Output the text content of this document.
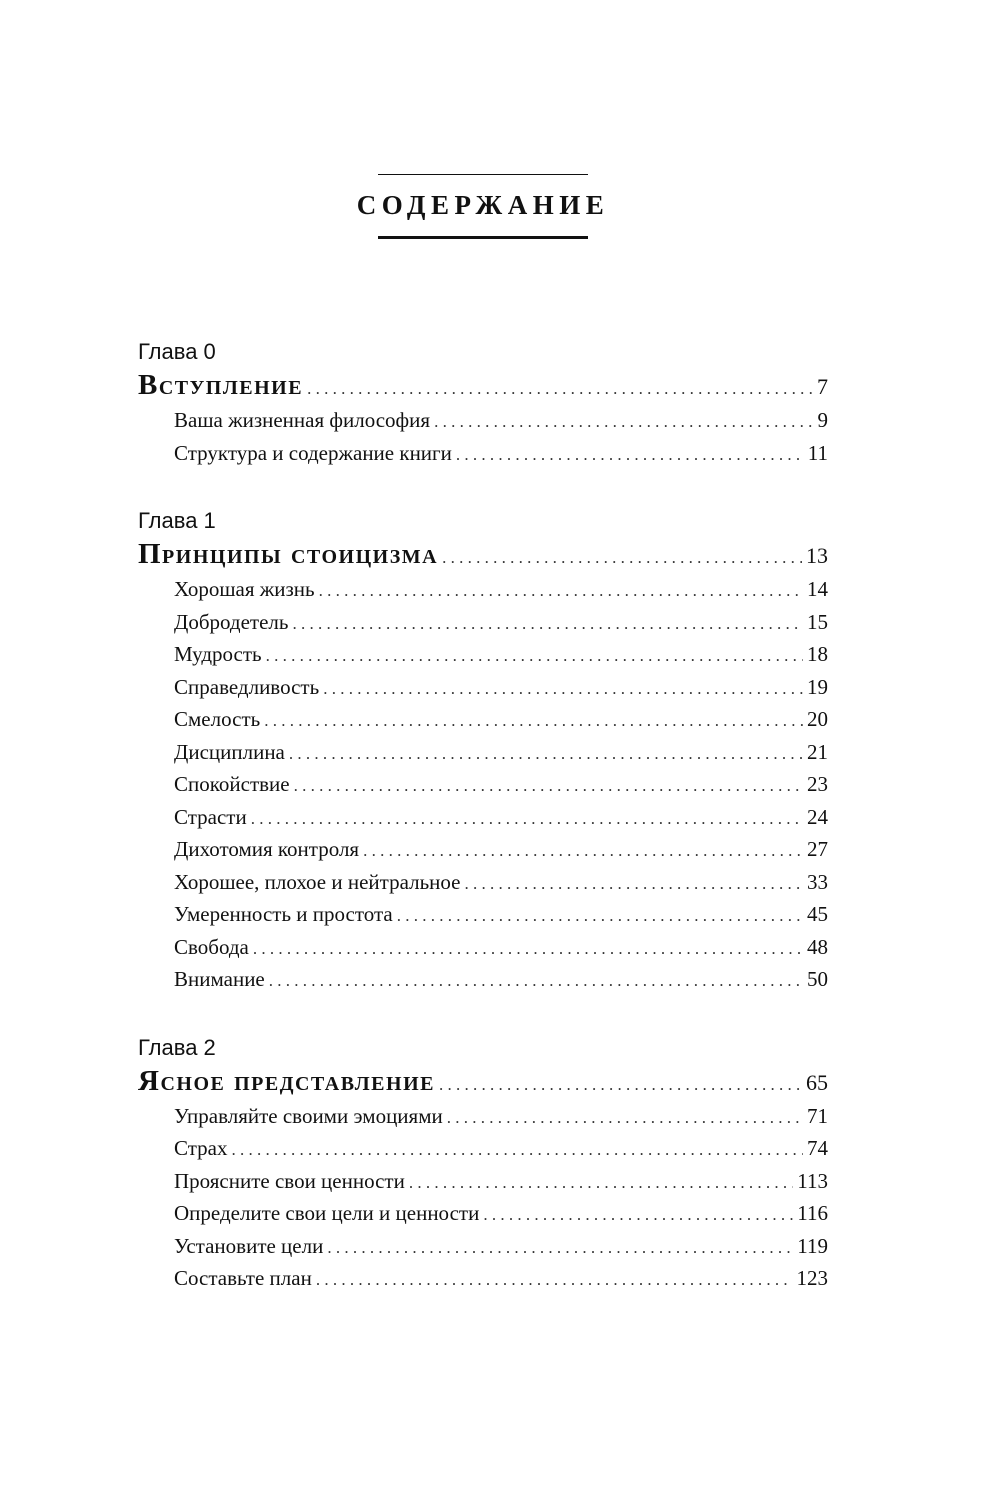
СОДЕРЖАНИЕ
Глава 0
Вступление . . .	7
Ваша жизненная философия . . .	9
Структура и содержание книги . . .	11
Глава 1
Принципы стоицизма . . .	13
Хорошая жизнь . . .	14
Добродетель . . .	15
Мудрость . . .	18
Справедливость . . .	19
Смелость . . .	20
Дисциплина . . .	21
Спокойствие . . .	23
Страсти . . .	24
Дихотомия контроля . . .	27
Хорошее, плохое и нейтральное . . .	33
Умеренность и простота . . .	45
Свобода . . .	48
Внимание . . .	50
Глава 2
Ясное представление . . .	65
Управляйте своими эмоциями . . .	71
Страх . . .	74
Проясните свои ценности . . .	113
Определите свои цели и ценности . . .	116
Установите цели . . .	119
Составьте план . . .	123
